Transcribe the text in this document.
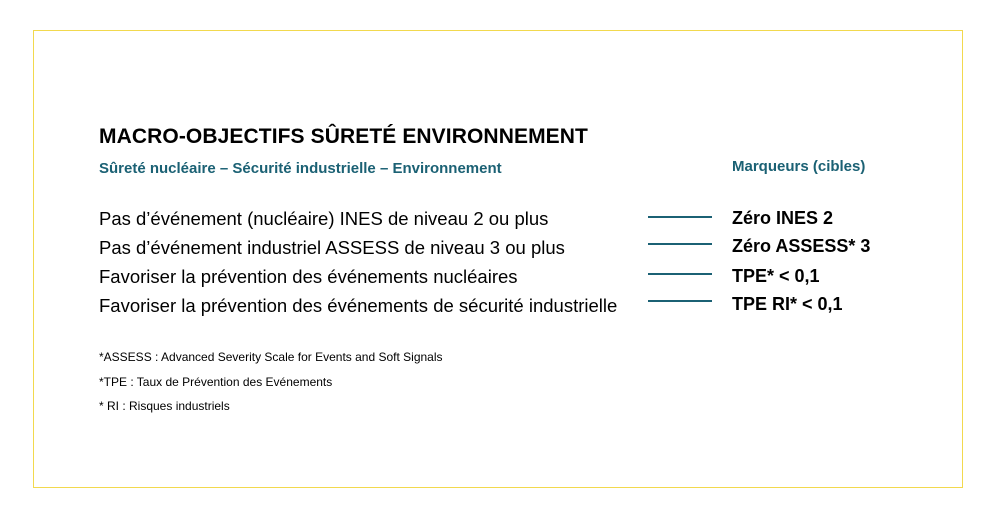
MACRO-OBJECTIFS SÛRETÉ ENVIRONNEMENT
Sûreté nucléaire – Sécurité industrielle – Environnement	Marqueurs (cibles)
Pas d’événement (nucléaire) INES de niveau 2 ou plus	Zéro INES 2
Pas d’événement industriel ASSESS de niveau 3 ou plus	Zéro ASSESS* 3
Favoriser la prévention des événements nucléaires	TPE* < 0,1
Favoriser la prévention des événements de sécurité industrielle	TPE RI* < 0,1
*ASSESS : Advanced Severity Scale for Events and Soft Signals
*TPE : Taux de Prévention des Evénements
* RI : Risques industriels
